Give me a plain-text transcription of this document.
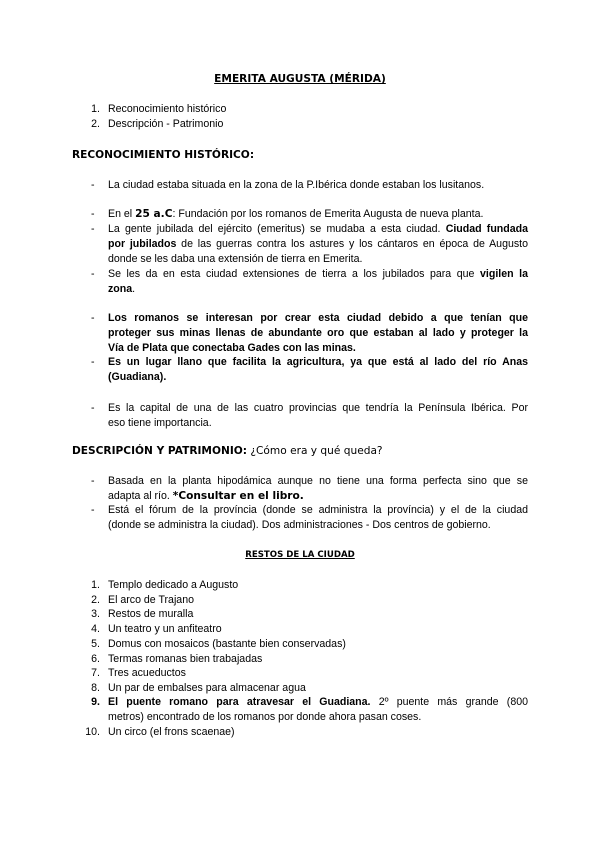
EMERITA AUGUSTA (MÉRIDA)

1. Reconocimiento histórico
2. Descripción - Patrimonio

RECONOCIMIENTO HISTÓRICO:

- La ciudad estaba situada en la zona de la P.Ibérica donde estaban los lusitanos.
- En el 25 a.C: Fundación por los romanos de Emerita Augusta de nueva planta.
- La gente jubilada del ejército (emeritus) se mudaba a esta ciudad. Ciudad fundada
por jubilados de las guerras contra los astures y los cántaros en época de Augusto
donde se les daba una extensión de tierra en Emerita.
- Se les da en esta ciudad extensiones de tierra a los jubilados para que vigilen la
zona.
- Los romanos se interesan por crear esta ciudad debido a que tenían que
proteger sus minas llenas de abundante oro que estaban al lado y proteger la
Vía de Plata que conectaba Gades con las minas.
- Es un lugar llano que facilita la agricultura, ya que está al lado del río Anas
(Guadiana).
- Es la capital de una de las cuatro provincias que tendría la Península Ibérica. Por
eso tiene importancia.

DESCRIPCIÓN Y PATRIMONIO: ¿Cómo era y qué queda?

- Basada en la planta hipodámica aunque no tiene una forma perfecta sino que se
adapta al río. *Consultar en el libro.
- Está el fórum de la província (donde se administra la província) y el de la ciudad
(donde se administra la ciudad). Dos administraciones - Dos centros de gobierno.

RESTOS DE LA CIUDAD

1. Templo dedicado a Augusto
2. El arco de Trajano
3. Restos de muralla
4. Un teatro y un anfiteatro
5. Domus con mosaicos (bastante bien conservadas)
6. Termas romanas bien trabajadas
7. Tres acueductos
8. Un par de embalses para almacenar agua
9. El puente romano para atravesar el Guadiana. 2º puente más grande (800
metros) encontrado de los romanos por donde ahora pasan coses.
10. Un circo (el frons scaenae)
